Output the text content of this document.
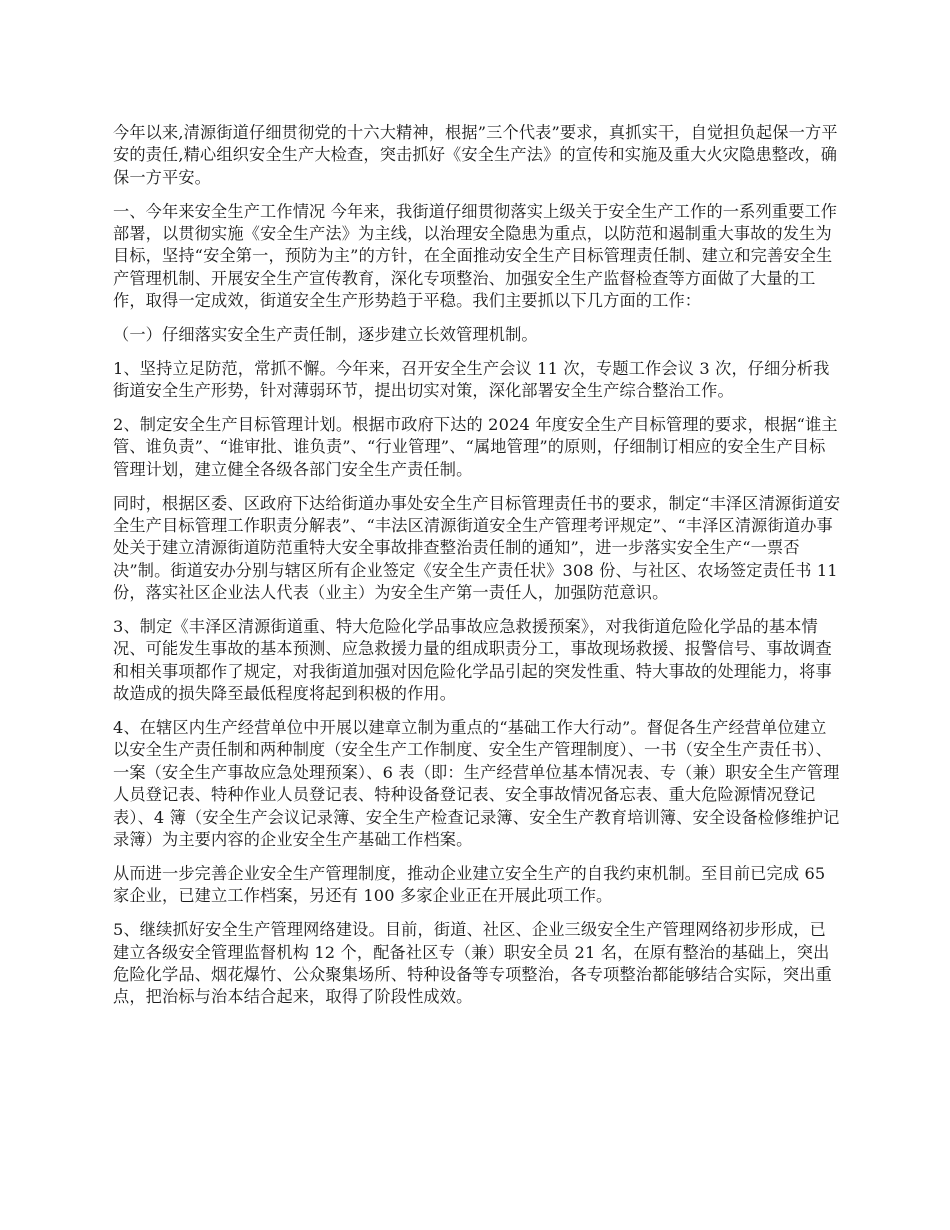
今年以来,清源街道仔细贯彻党的十六大精神，根据”三个代表”要求，真抓实干，自觉担负起保一方平安的责任,精心组织安全生产大检查，突击抓好《安全生产法》的宣传和实施及重大火灾隐患整改，确保一方平安。

一、今年来安全生产工作情况 今年来，我街道仔细贯彻落实上级关于安全生产工作的一系列重要工作部署，以贯彻实施《安全生产法》为主线，以治理安全隐患为重点，以防范和遏制重大事故的发生为目标，坚持“安全第一，预防为主”的方针，在全面推动安全生产目标管理责任制、建立和完善安全生产管理机制、开展安全生产宣传教育，深化专项整治、加强安全生产监督检查等方面做了大量的工作，取得一定成效，街道安全生产形势趋于平稳。我们主要抓以下几方面的工作：

（一）仔细落实安全生产责任制，逐步建立长效管理机制。

1、坚持立足防范，常抓不懈。今年来，召开安全生产会议 11 次，专题工作会议 3 次，仔细分析我街道安全生产形势，针对薄弱环节，提出切实对策，深化部署安全生产综合整治工作。

2、制定安全生产目标管理计划。根据市政府下达的 2024 年度安全生产目标管理的要求，根据“谁主管、谁负责”、“谁审批、谁负责”、“行业管理”、“属地管理”的原则，仔细制订相应的安全生产目标管理计划，建立健全各级各部门安全生产责任制。

同时，根据区委、区政府下达给街道办事处安全生产目标管理责任书的要求，制定“丰泽区清源街道安全生产目标管理工作职责分解表”、“丰法区清源街道安全生产管理考评规定”、“丰泽区清源街道办事处关于建立清源街道防范重特大安全事故排查整治责任制的通知”，进一步落实安全生产“一票否决”制。街道安办分别与辖区所有企业签定《安全生产责任状》308 份、与社区、农场签定责任书 11 份，落实社区企业法人代表（业主）为安全生产第一责任人，加强防范意识。

3、制定《丰泽区清源街道重、特大危险化学品事故应急救援预案》，对我街道危险化学品的基本情况、可能发生事故的基本预测、应急救援力量的组成职责分工，事故现场救援、报警信号、事故调查和相关事项都作了规定，对我街道加强对因危险化学品引起的突发性重、特大事故的处理能力，将事故造成的损失降至最低程度将起到积极的作用。

4、在辖区内生产经营单位中开展以建章立制为重点的“基础工作大行动”。督促各生产经营单位建立以安全生产责任制和两种制度（安全生产工作制度、安全生产管理制度）、一书（安全生产责任书）、一案（安全生产事故应急处理预案）、6 表（即：生产经营单位基本情况表、专（兼）职安全生产管理人员登记表、特种作业人员登记表、特种设备登记表、安全事故情况备忘表、重大危险源情况登记表）、4 簿（安全生产会议记录簿、安全生产检查记录簿、安全生产教育培训簿、安全设备检修维护记录簿）为主要内容的企业安全生产基础工作档案。

从而进一步完善企业安全生产管理制度，推动企业建立安全生产的自我约束机制。至目前已完成 65 家企业，已建立工作档案，另还有 100 多家企业正在开展此项工作。

5、继续抓好安全生产管理网络建设。目前，街道、社区、企业三级安全生产管理网络初步形成，已建立各级安全管理监督机构 12 个，配备社区专（兼）职安全员 21 名，在原有整治的基础上，突出危险化学品、烟花爆竹、公众聚集场所、特种设备等专项整治，各专项整治都能够结合实际，突出重点，把治标与治本结合起来，取得了阶段性成效。
